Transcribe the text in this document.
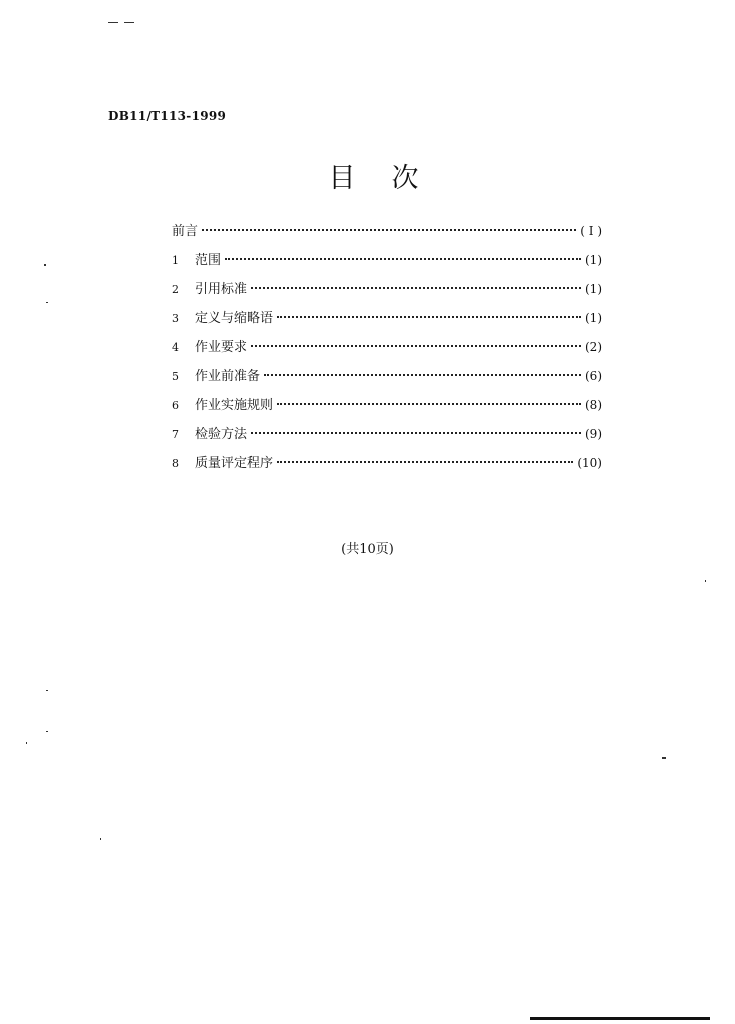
DB11/T113-1999
目次
前言	( I )
1	范围	(1)
2	引用标准	(1)
3	定义与缩略语	(1)
4	作业要求	(2)
5	作业前准备	(6)
6	作业实施规则	(8)
7	检验方法	(9)
8	质量评定程序	(10)
(共10页)
